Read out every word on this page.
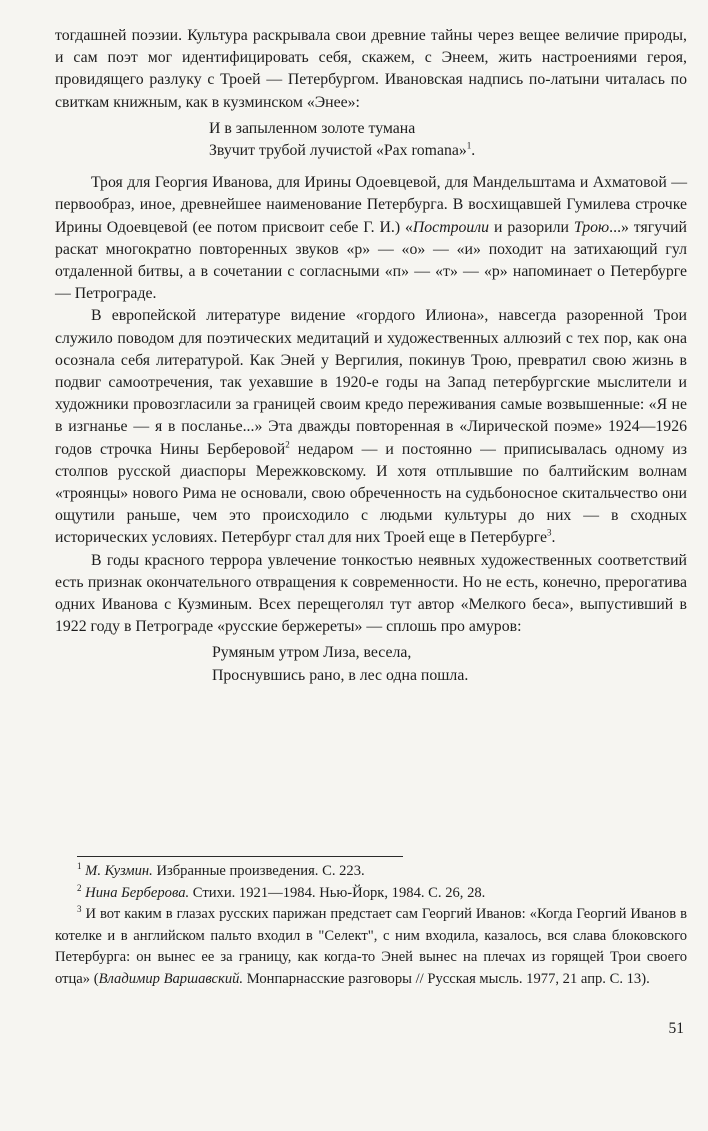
тогдашней поэзии. Культура раскрывала свои древние тайны через вещее величие природы, и сам поэт мог идентифицировать себя, скажем, с Энеем, жить настроениями героя, провидящего разлуку с Троей — Петербургом. Ивановская надпись по-латыни читалась по свиткам книжным, как в кузминском «Энее»:

И в запыленном золоте тумана
Звучит трубой лучистой «Pax romana»$^1$.

Троя для Георгия Иванова, для Ирины Одоевцевой, для Мандельштама и Ахматовой — первообраз, иное, древнейшее наименование Петербурга. В восхищавшей Гумилева строчке Ирины Одоевцевой (ее потом присвоит себе Г. И.) «Построили и разорили Трою...» тягучий раскат многократно повторенных звуков «р» — «о» — «и» походит на затихающий гул отдаленной битвы, а в сочетании с согласными «п» — «т» — «р» напоминает о Петербурге — Петрограде.

В европейской литературе видение «гордого Илиона», навсегда разоренной Трои служило поводом для поэтических медитаций и художественных аллюзий с тех пор, как она осознала себя литературой. Как Эней у Вергилия, покинув Трою, превратил свою жизнь в подвиг самоотречения, так уехавшие в 1920-е годы на Запад петербургские мыслители и художники провозгласили за границей своим кредо переживания самые возвышенные: «Я не в изгнанье — я в посланье...» Эта дважды повторенная в «Лирической поэме» 1924—1926 годов строчка Нины Берберовой$^2$ недаром — и постоянно — приписывалась одному из столпов русской диаспоры Мережковскому. И хотя отплывшие по балтийским волнам «троянцы» нового Рима не основали, свою обреченность на судьбоносное скитальчество они ощутили раньше, чем это происходило с людьми культуры до них — в сходных исторических условиях. Петербург стал для них Троей еще в Петербурге$^3$.

В годы красного террора увлечение тонкостью неявных художественных соответствий есть признак окончательного отвращения к современности. Но не есть, конечно, прерогатива одних Иванова с Кузминым. Всех перещеголял тут автор «Мелкого беса», выпустивший в 1922 году в Петрограде «русские бержереты» — сплошь про амуров:

Румяным утром Лиза, весела,
Проснувшись рано, в лес одна пошла.

$^1$ М. Кузмин. Избранные произведения. С. 223.

$^2$ Нина Берберова. Стихи. 1921—1984. Нью-Йорк, 1984. С. 26, 28.

$^3$ И вот каким в глазах русских парижан предстает сам Георгий Иванов: «Когда Георгий Иванов в котелке и в английском пальто входил в "Селект", с ним входила, казалось, вся слава блоковского Петербурга: он вынес ее за границу, как когда-то Эней вынес на плечах из горящей Трои своего отца» (Владимир Варшавский. Монпарнасские разговоры // Русская мысль. 1977, 21 апр. С. 13).

51
